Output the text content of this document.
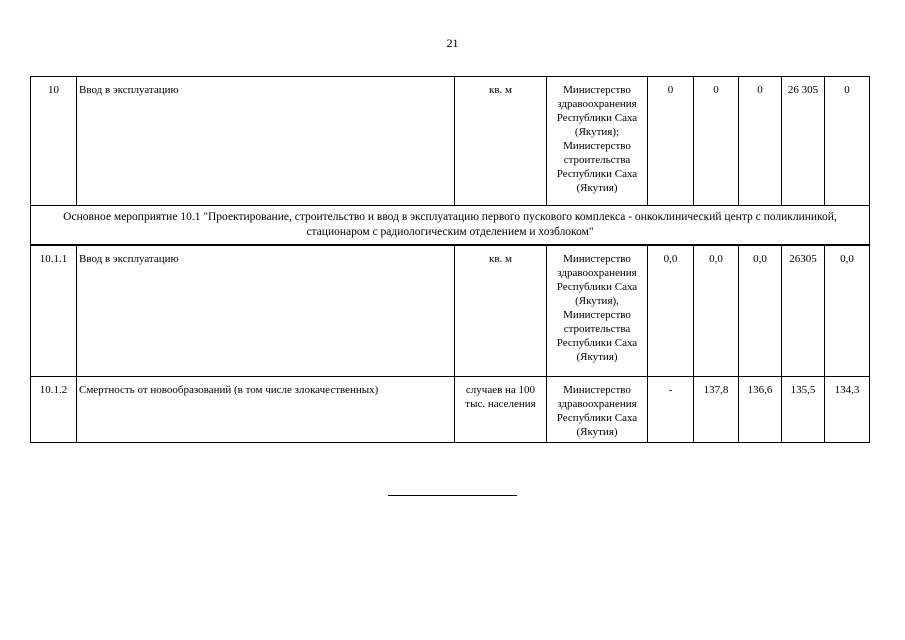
21
10	Ввод в эксплуатацию	кв. м	Министерство здравоохранения Республики Саха (Якутия); Министерство строительства Республики Саха (Якутия)	0	0	0	26 305	0
Основное мероприятие 10.1 "Проектирование, строительство и ввод в эксплуатацию первого пускового комплекса - онкоклинический центр с поликлиникой, стационаром с радиологическим отделением и хозблоком"								
10.1.1	Ввод в эксплуатацию	кв. м	Министерство здравоохранения Республики Саха (Якутия), Министерство строительства Республики Саха (Якутия)	0,0	0,0	0,0	26305	0,0
10.1.2	Смертность от новообразований (в том числе злокачественных)	случаев на 100 тыс. населения	Министерство здравоохранения Республики Саха (Якутия)	-	137,8	136,6	135,5	134,3
